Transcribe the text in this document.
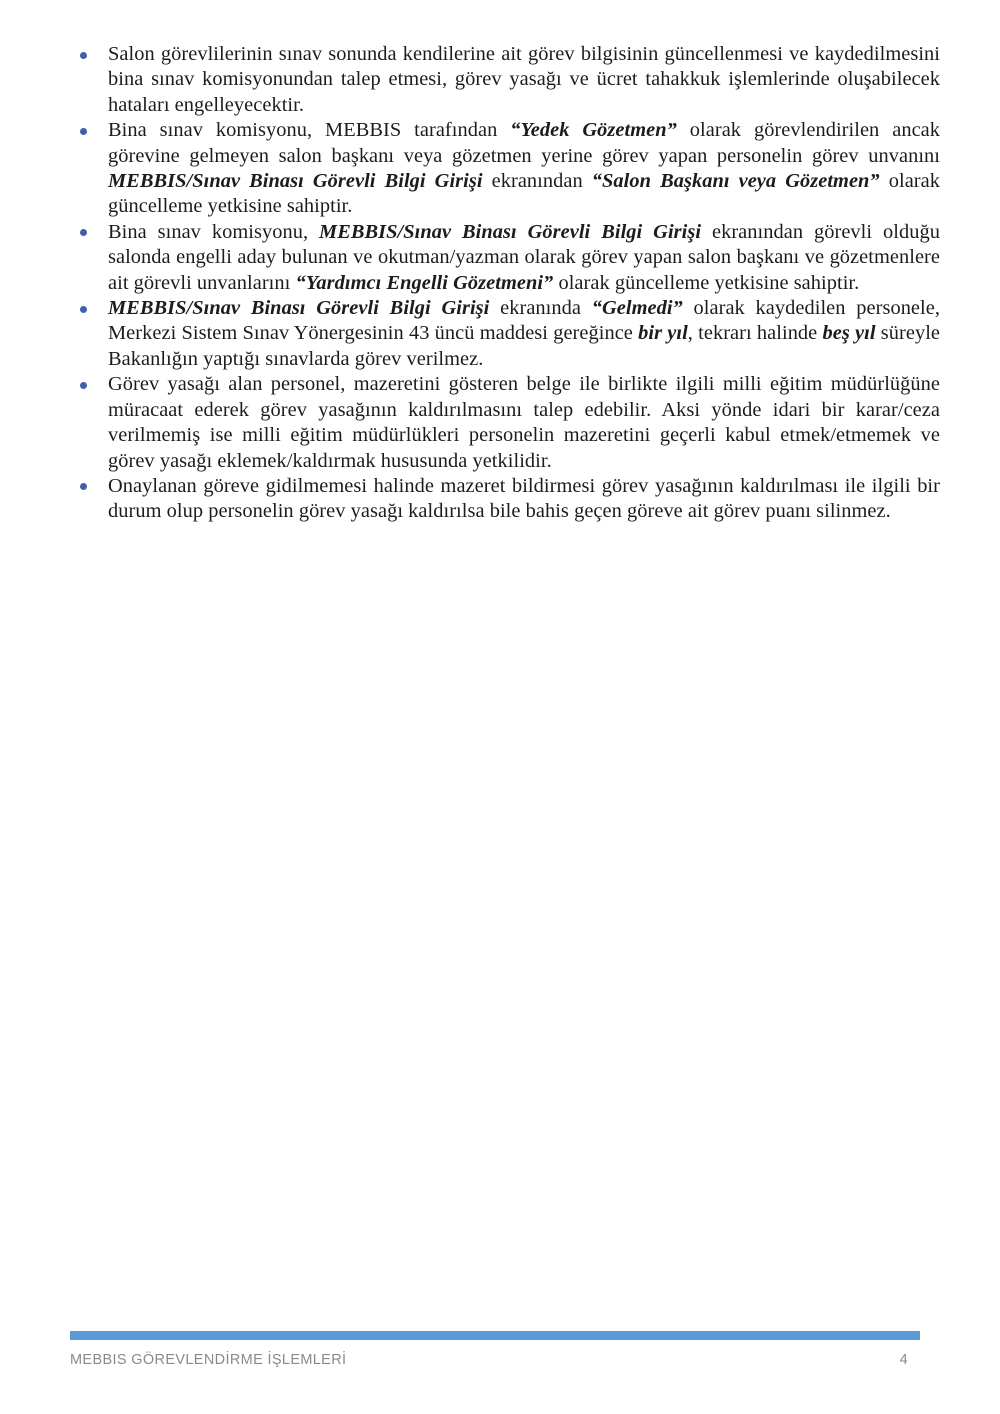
Salon görevlilerinin sınav sonunda kendilerine ait görev bilgisinin güncellenmesi ve kaydedilmesini bina sınav komisyonundan talep etmesi, görev yasağı ve ücret tahakkuk işlemlerinde oluşabilecek hataları engelleyecektir.
Bina sınav komisyonu, MEBBIS tarafından “Yedek Gözetmen” olarak görevlendirilen ancak görevine gelmeyen salon başkanı veya gözetmen yerine görev yapan personelin görev unvanını MEBBIS/Sınav Binası Görevli Bilgi Girişi ekranından “Salon Başkanı veya Gözetmen” olarak güncelleme yetkisine sahiptir.
Bina sınav komisyonu, MEBBIS/Sınav Binası Görevli Bilgi Girişi ekranından görevli olduğu salonda engelli aday bulunan ve okutman/yazman olarak görev yapan salon başkanı ve gözetmenlere ait görevli unvanlarını “Yardımcı Engelli Gözetmeni” olarak güncelleme yetkisine sahiptir.
MEBBIS/Sınav Binası Görevli Bilgi Girişi ekranında “Gelmedi” olarak kaydedilen personele, Merkezi Sistem Sınav Yönergesinin 43 üncü maddesi gereğince bir yıl, tekrarı halinde beş yıl süreyle Bakanlığın yaptığı sınavlarda görev verilmez.
Görev yasağı alan personel, mazeretini gösteren belge ile birlikte ilgili milli eğitim müdürlüğüne müracaat ederek görev yasağının kaldırılmasını talep edebilir. Aksi yönde idari bir karar/ceza verilmemiş ise milli eğitim müdürlükleri personelin mazeretini geçerli kabul etmek/etmemek ve görev yasağı eklemek/kaldırmak hususunda yetkilidir.
Onaylanan göreve gidilmemesi halinde mazeret bildirmesi görev yasağının kaldırılması ile ilgili bir durum olup personelin görev yasağı kaldırılsa bile bahis geçen göreve ait görev puanı silinmez.
MEBBIS GÖREVLENDİRME İŞLEMLERİ	4
